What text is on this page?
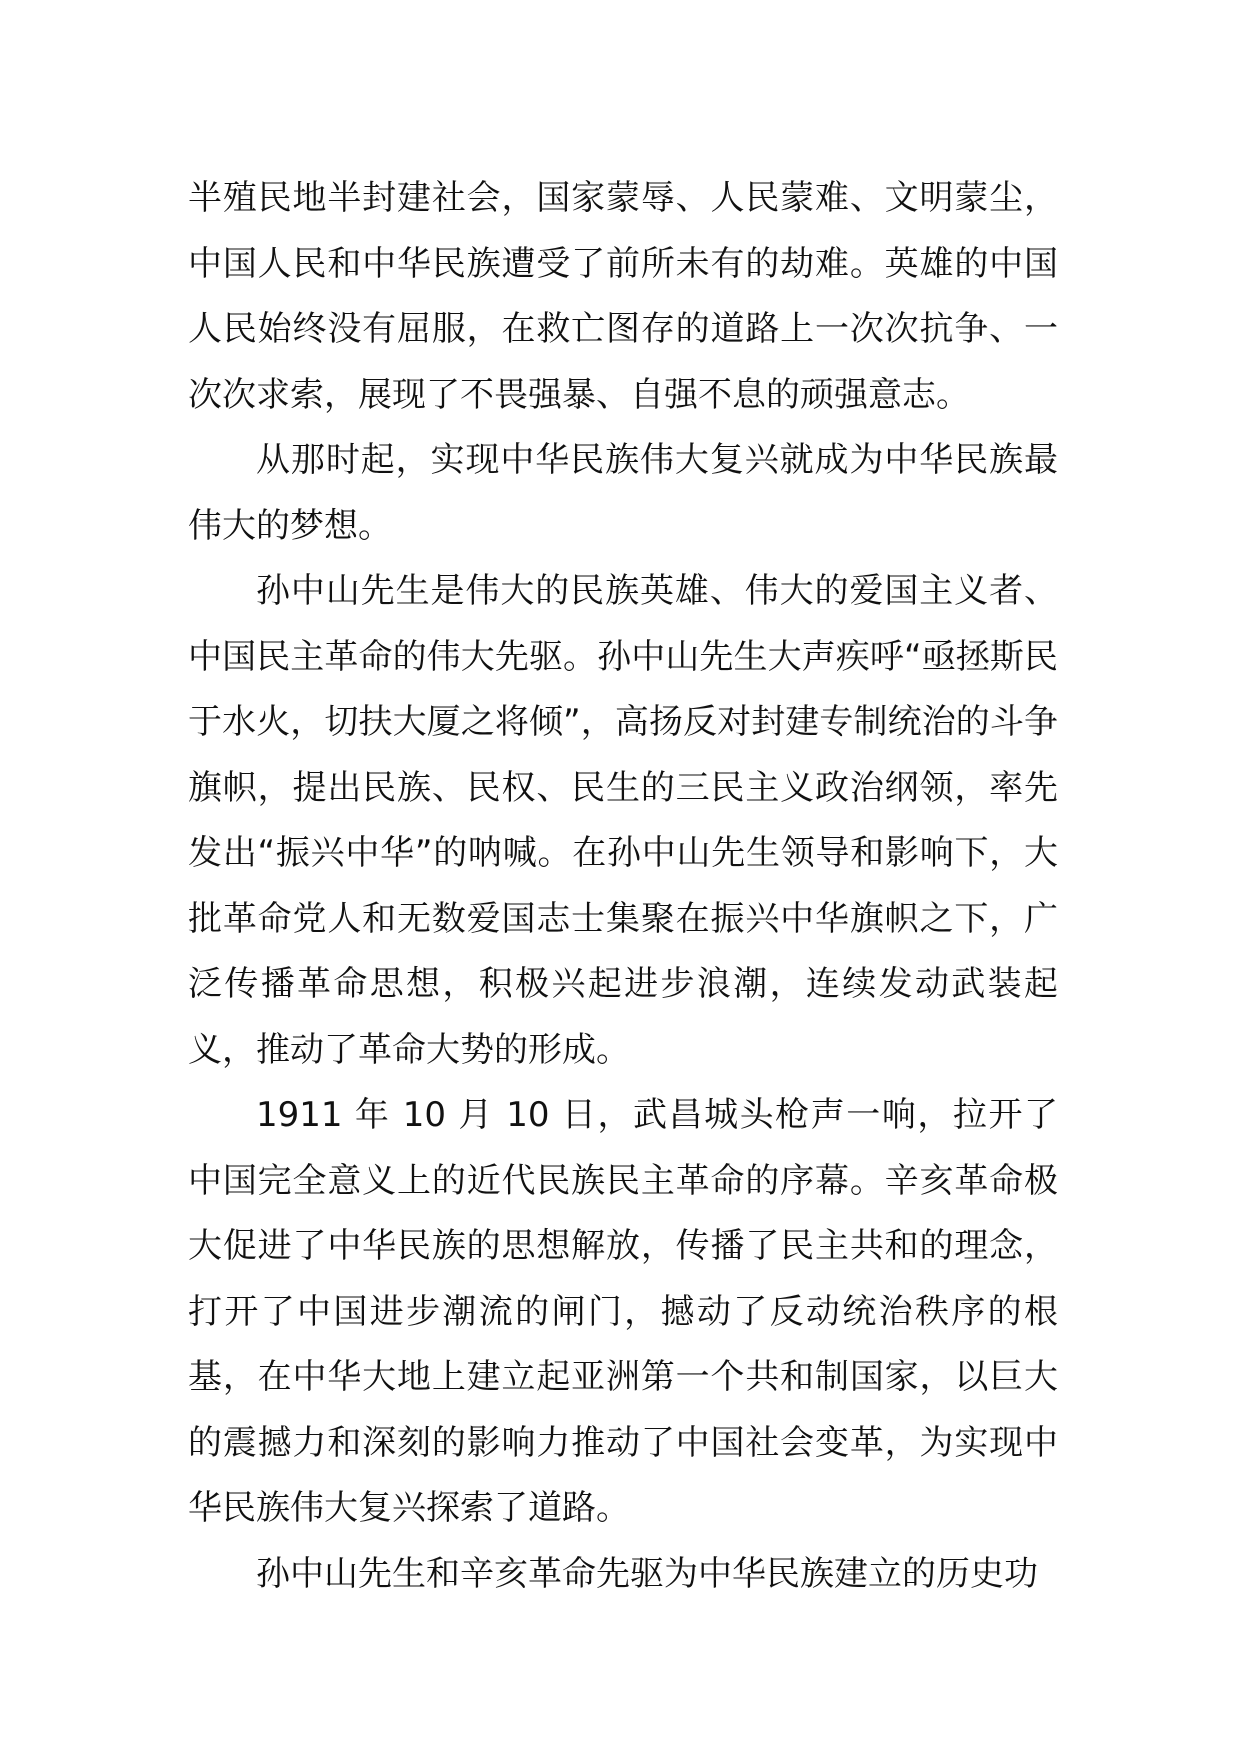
半殖民地半封建社会，国家蒙辱、人民蒙难、文明蒙尘，中国人民和中华民族遭受了前所未有的劫难。英雄的中国人民始终没有屈服，在救亡图存的道路上一次次抗争、一次次求索，展现了不畏强暴、自强不息的顽强意志。

从那时起，实现中华民族伟大复兴就成为中华民族最伟大的梦想。

孙中山先生是伟大的民族英雄、伟大的爱国主义者、中国民主革命的伟大先驱。孙中山先生大声疾呼“亟拯斯民于水火，切扶大厦之将倾”，高扬反对封建专制统治的斗争旗帜，提出民族、民权、民生的三民主义政治纲领，率先发出“振兴中华”的呐喊。在孙中山先生领导和影响下，大批革命党人和无数爱国志士集聚在振兴中华旗帜之下，广泛传播革命思想，积极兴起进步浪潮，连续发动武装起义，推动了革命大势的形成。

1911 年 10 月 10 日，武昌城头枪声一响，拉开了中国完全意义上的近代民族民主革命的序幕。辛亥革命极大促进了中华民族的思想解放，传播了民主共和的理念，打开了中国进步潮流的闸门，撼动了反动统治秩序的根基，在中华大地上建立起亚洲第一个共和制国家，以巨大的震撼力和深刻的影响力推动了中国社会变革，为实现中华民族伟大复兴探索了道路。

孙中山先生和辛亥革命先驱为中华民族建立的历史功
